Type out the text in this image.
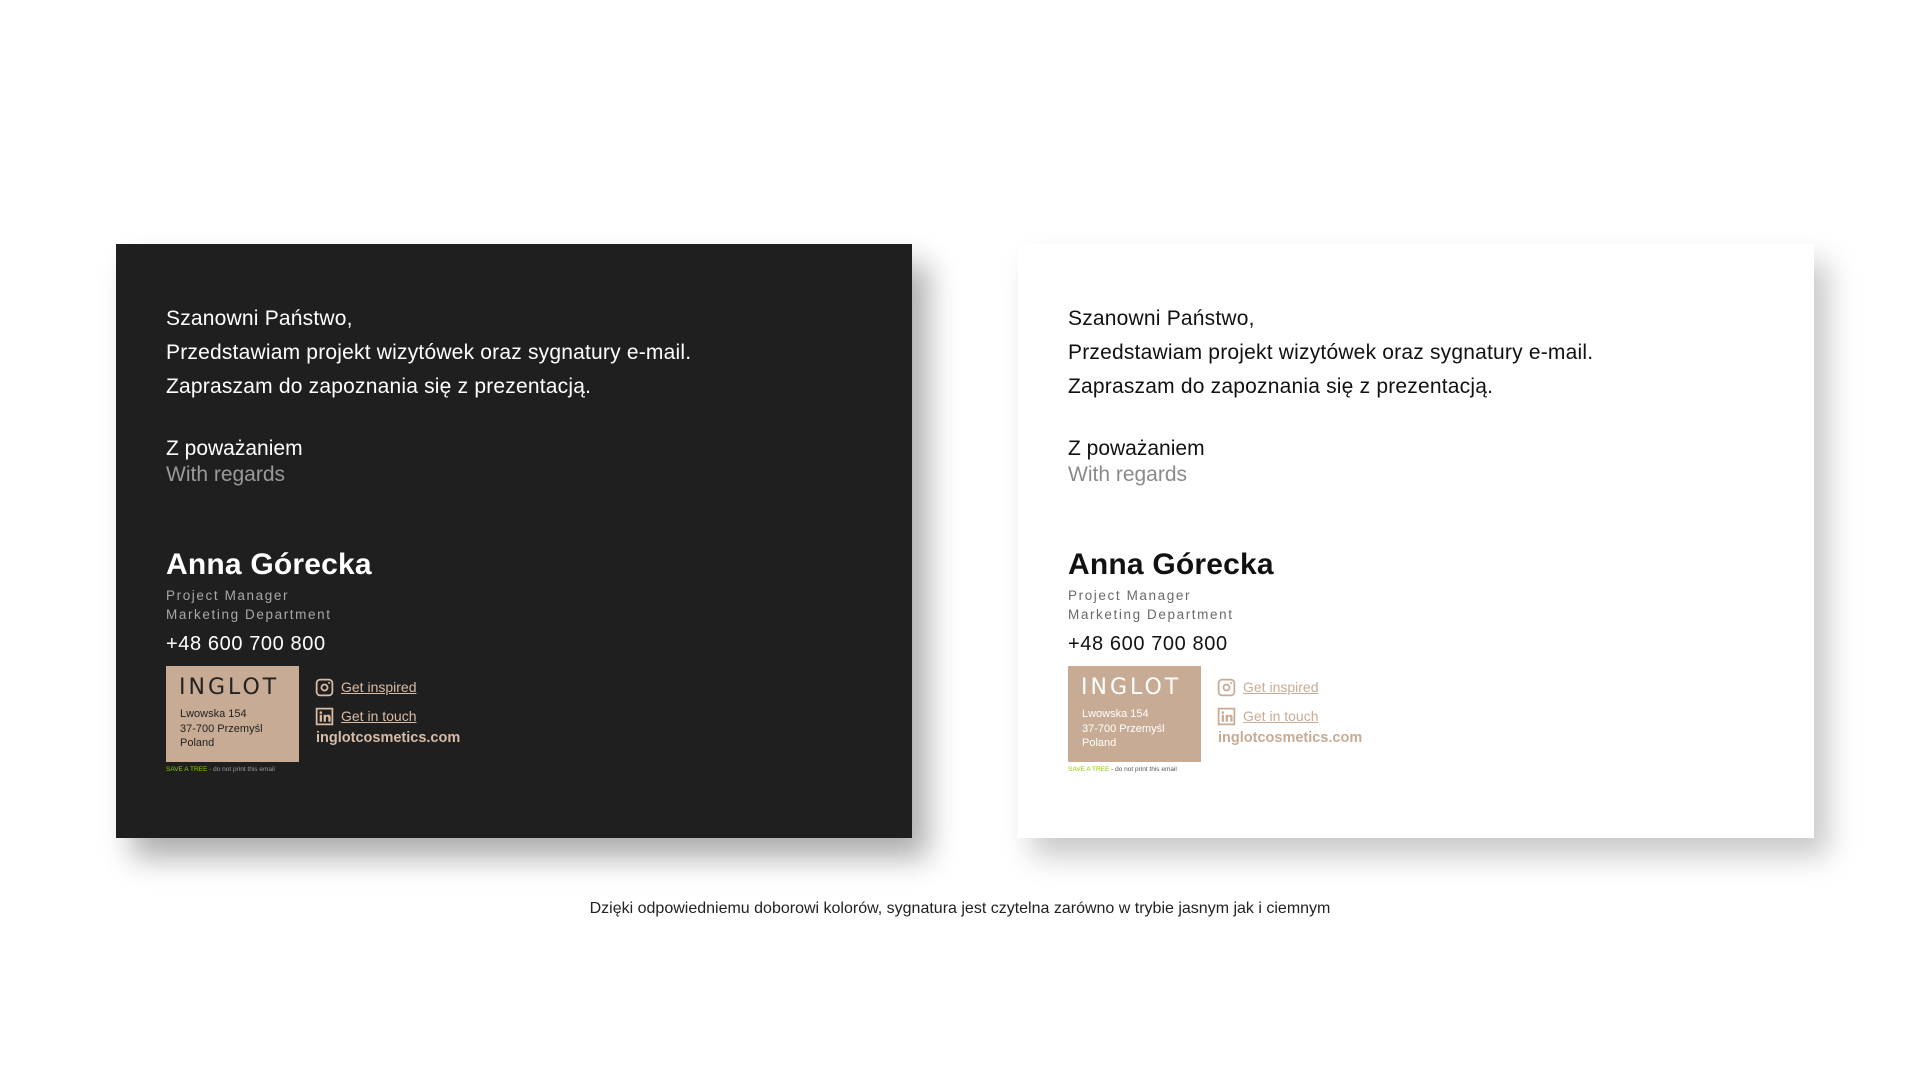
Szanowni Państwo,

Przedstawiam projekt wizytówek oraz sygnatury e-mail.

Zapraszam do zapoznania się z prezentacją.

Z poważaniem
With regards
Anna Górecka
Project Manager
Marketing Department
+48 600 700 800
INGLOT
Lwowska 154
37-700 Przemyśl
Poland
SAVE A TREE - do not print this email
Get inspired
Get in touch
inglotcosmetics.com

Szanowni Państwo,

Przedstawiam projekt wizytówek oraz sygnatury e-mail.

Zapraszam do zapoznania się z prezentacją.

Z poważaniem
With regards
Anna Górecka
Project Manager
Marketing Department
+48 600 700 800
INGLOT
Lwowska 154
37-700 Przemyśl
Poland
SAVE A TREE - do not print this email
Get inspired
Get in touch
inglotcosmetics.com
Dzięki odpowiedniemu doborowi kolorów, sygnatura jest czytelna zarówno w trybie jasnym jak i ciemnym
